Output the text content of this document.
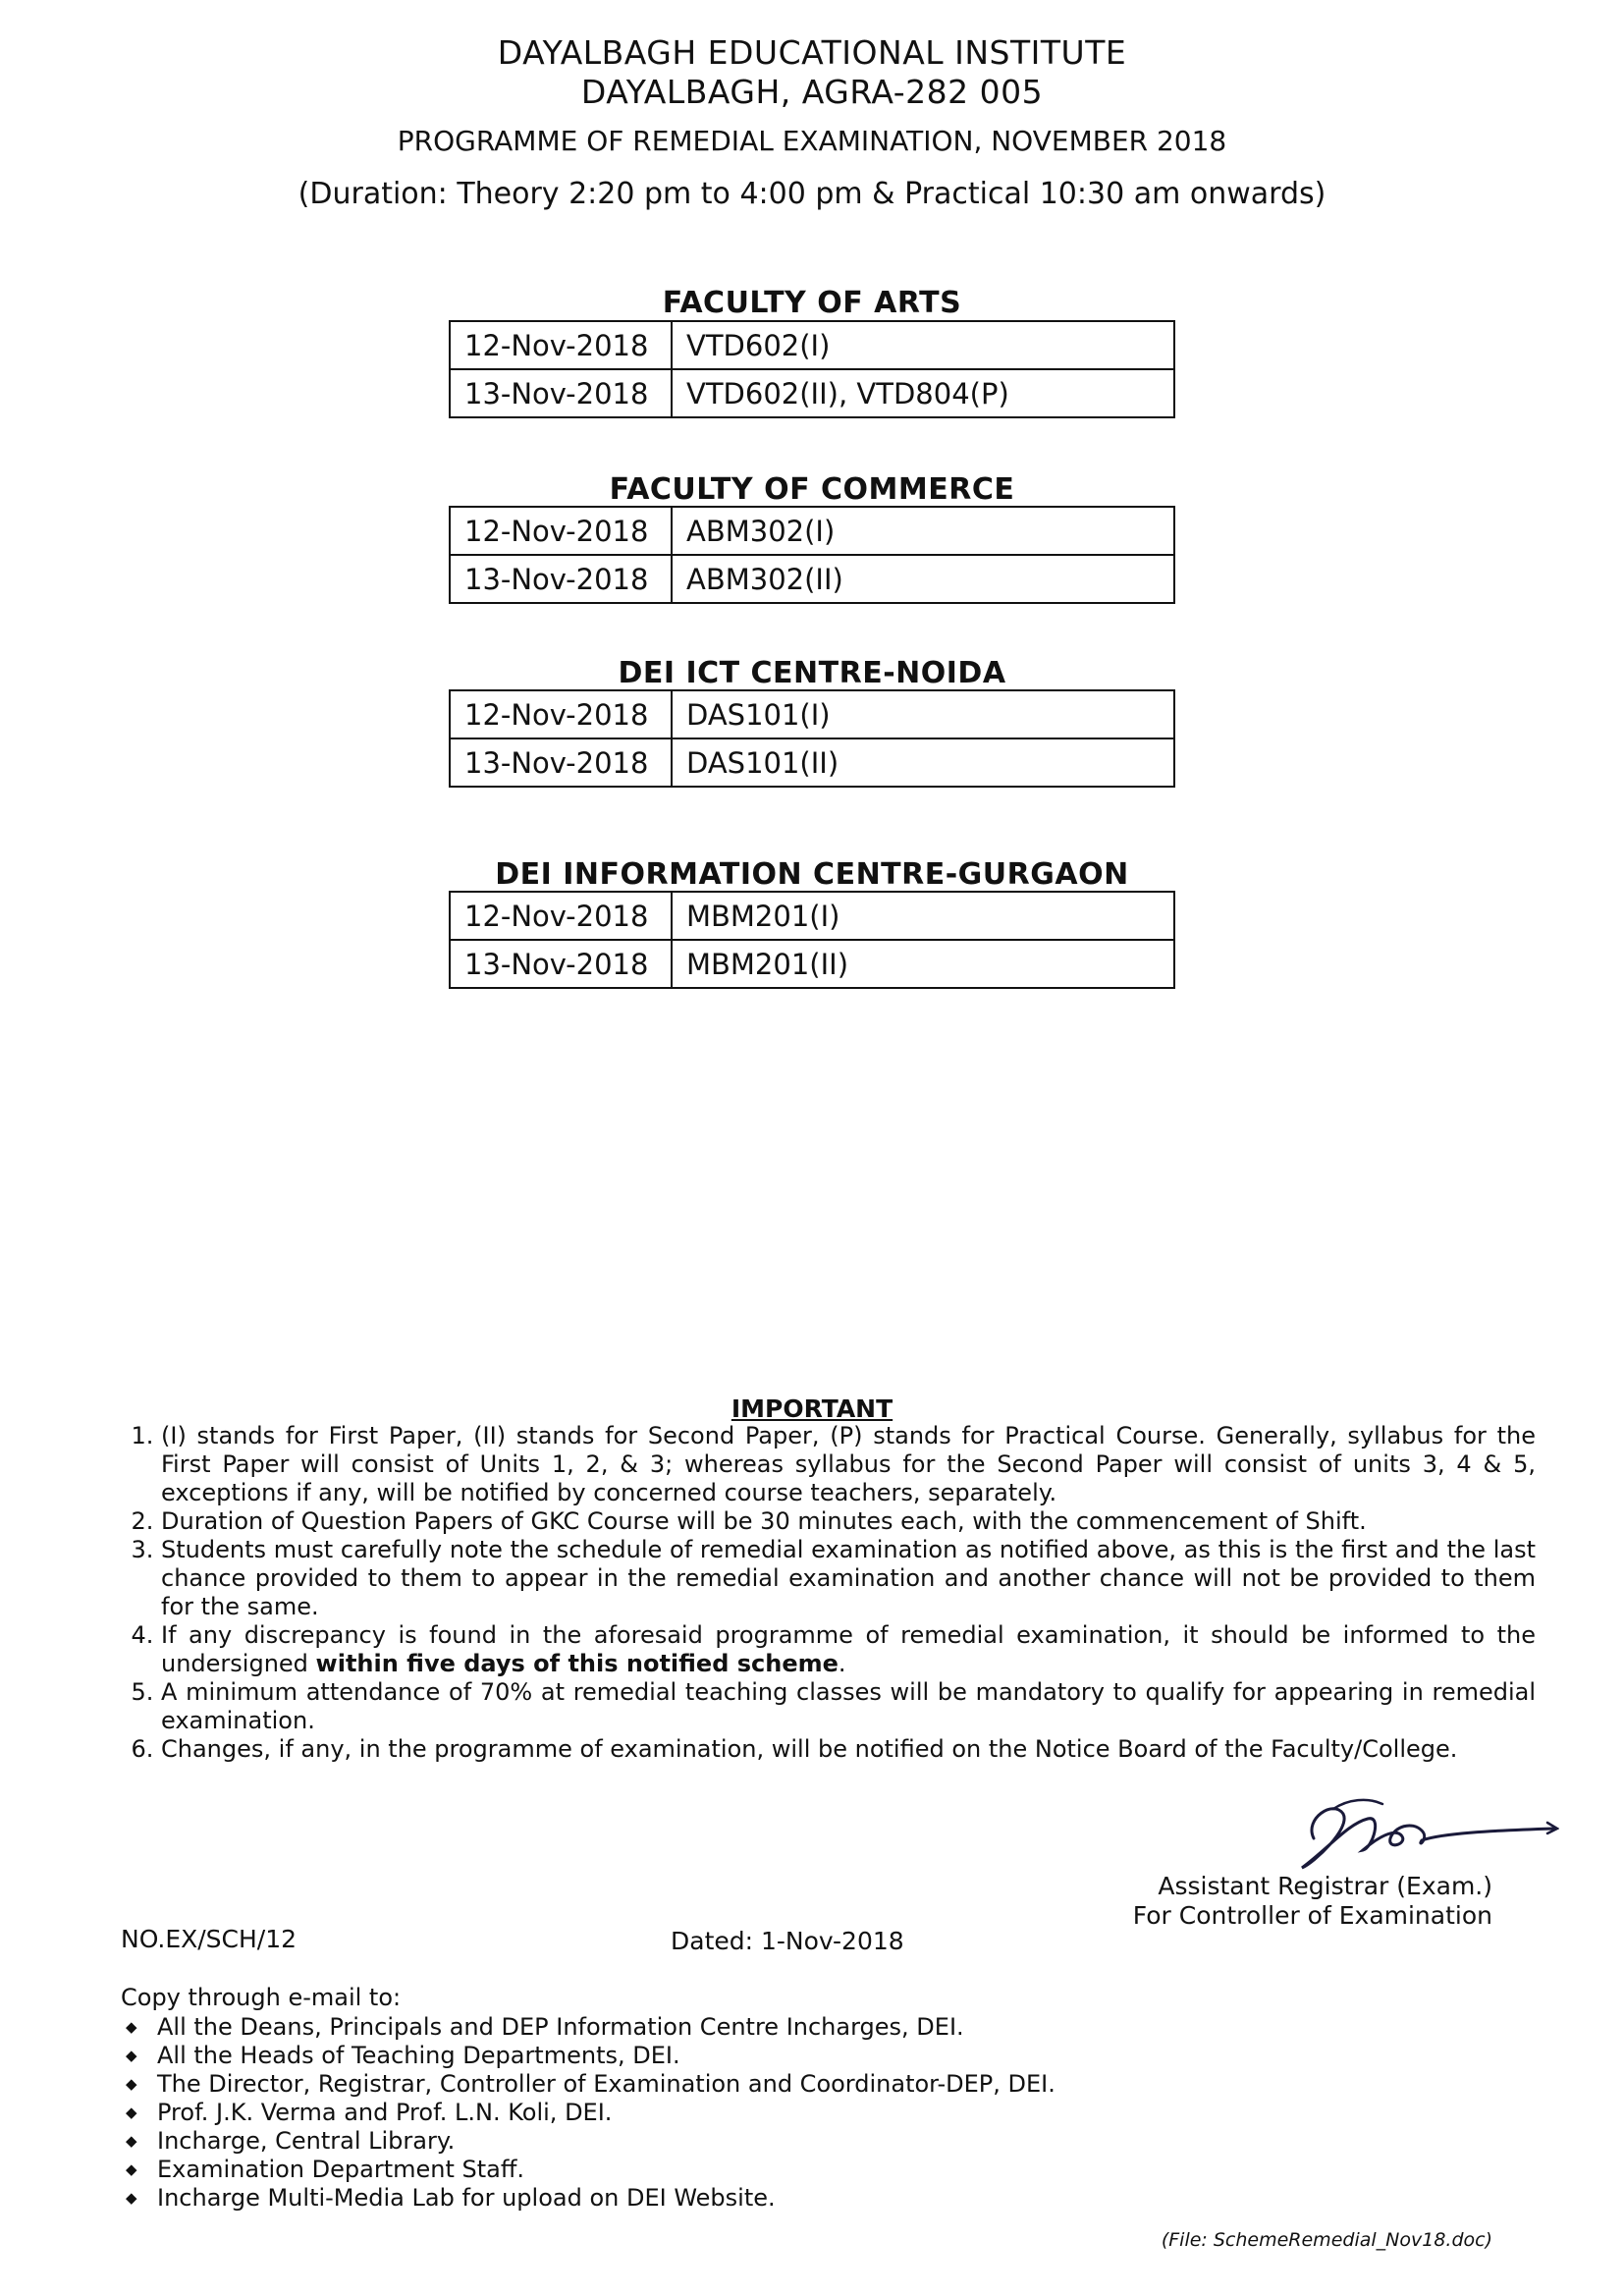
DAYALBAGH EDUCATIONAL INSTITUTE
DAYALBAGH, AGRA-282 005
PROGRAMME OF REMEDIAL EXAMINATION, NOVEMBER 2018
(Duration: Theory 2:20 pm to 4:00 pm & Practical 10:30 am onwards)
FACULTY OF ARTS
12-Nov-2018	VTD602(I)
13-Nov-2018	VTD602(II), VTD804(P)
FACULTY OF COMMERCE
12-Nov-2018	ABM302(I)
13-Nov-2018	ABM302(II)
DEI ICT CENTRE-NOIDA
12-Nov-2018	DAS101(I)
13-Nov-2018	DAS101(II)
DEI INFORMATION CENTRE-GURGAON
12-Nov-2018	MBM201(I)
13-Nov-2018	MBM201(II)
IMPORTANT
1. (I) stands for First Paper, (II) stands for Second Paper, (P) stands for Practical Course. Generally, syllabus for the First Paper will consist of Units 1, 2, & 3; whereas syllabus for the Second Paper will consist of units 3, 4 & 5, exceptions if any, will be notified by concerned course teachers, separately.
2. Duration of Question Papers of GKC Course will be 30 minutes each, with the commencement of Shift.
3. Students must carefully note the schedule of remedial examination as notified above, as this is the first and the last chance provided to them to appear in the remedial examination and another chance will not be provided to them for the same.
4. If any discrepancy is found in the aforesaid programme of remedial examination, it should be informed to the undersigned within five days of this notified scheme.
5. A minimum attendance of 70% at remedial teaching classes will be mandatory to qualify for appearing in remedial examination.
6. Changes, if any, in the programme of examination, will be notified on the Notice Board of the Faculty/College.
Assistant Registrar (Exam.)
For Controller of Examination
NO.EX/SCH/12	Dated: 1-Nov-2018
Copy through e-mail to:
◆ All the Deans, Principals and DEP Information Centre Incharges, DEI.
◆ All the Heads of Teaching Departments, DEI.
◆ The Director, Registrar, Controller of Examination and Coordinator-DEP, DEI.
◆ Prof. J.K. Verma and Prof. L.N. Koli, DEI.
◆ Incharge, Central Library.
◆ Examination Department Staff.
◆ Incharge Multi-Media Lab for upload on DEI Website.
(File: SchemeRemedial_Nov18.doc)
